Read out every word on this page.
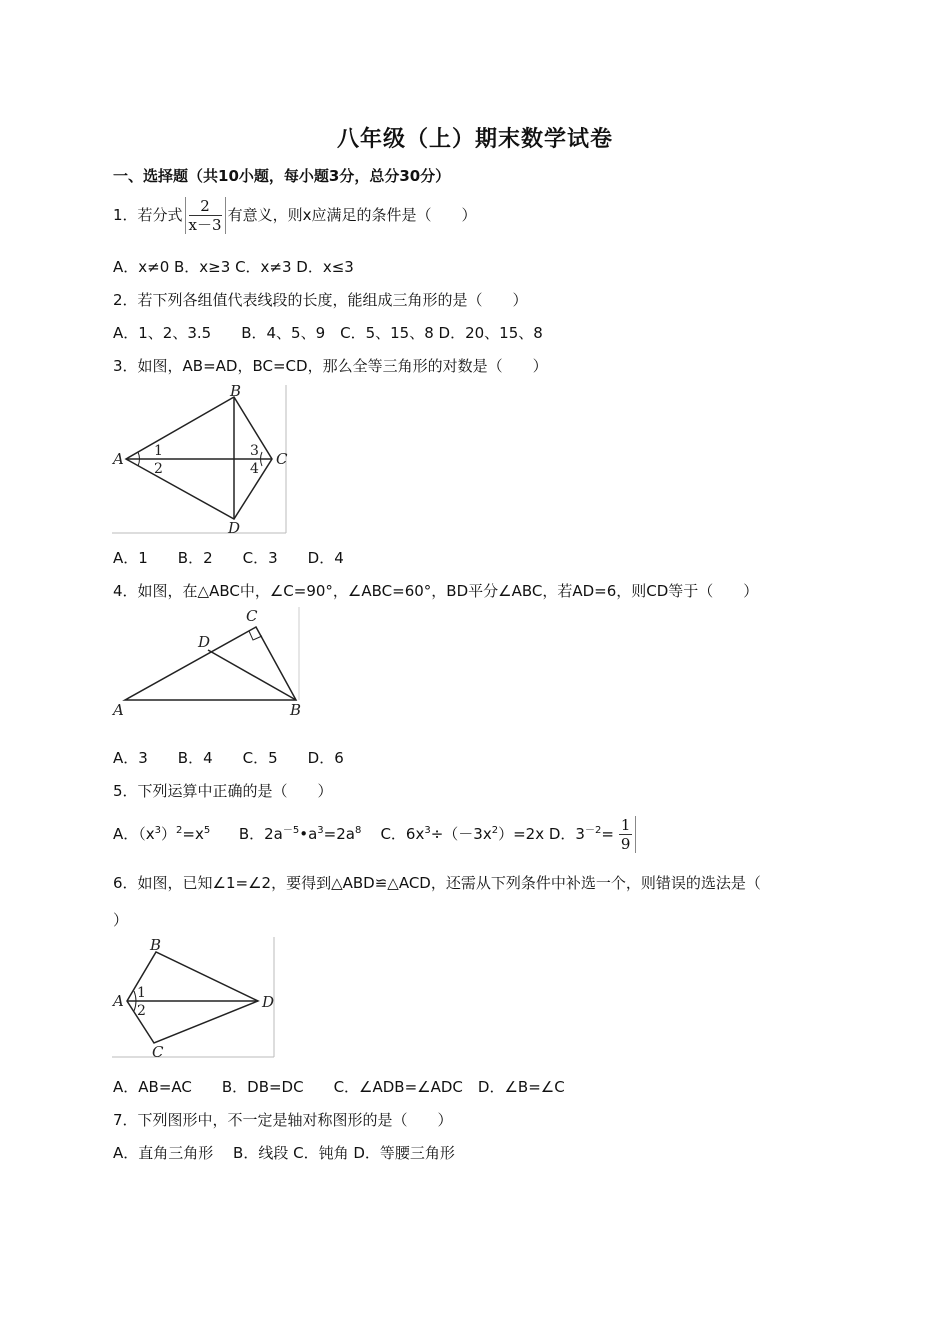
八年级（上）期末数学试卷
一、选择题（共10小题，每小题3分，总分30分）
1．若分式 $\frac{2}{x-3}$ 有意义，则x应满足的条件是（　　）
A．x≠0 B．x≥3 C．x≠3 D．x≤3
2．若下列各组值代表线段的长度，能组成三角形的是（　　）
A．1、2、3.5　　B．4、5、9　C．5、15、8 D．20、15、8
3．如图，AB=AD，BC=CD，那么全等三角形的对数是（　　）
A
B
C
D
1
2
3
4
A．1　　B．2　　C．3　　D．4
4．如图，在△ABC中，∠C=90°，∠ABC=60°，BD平分∠ABC，若AD=6，则CD等于（　　）
A	B
C
D
A．3　　B．4　　C．5　　D．6
5．下列运算中正确的是（　　）
A．$(x^3)^2=x^5$ B．$2a^{-5}•a^3=2a^8$ C．$6x^3\div(-3x^2)=2x$ D．$3^{-2}= \frac{1}{9}$
6．如图，已知∠1=∠2，要得到△ABD≌△ACD，还需从下列条件中补选一个，则错误的选法是（
）
A
B
D
C
1
2
A．AB=AC　　B．DB=DC　　C．∠ADB=∠ADC　D．∠B=∠C
7．下列图形中，不一定是轴对称图形的是（　　）
A．直角三角形　 B．线段 C．钝角 D．等腰三角形
